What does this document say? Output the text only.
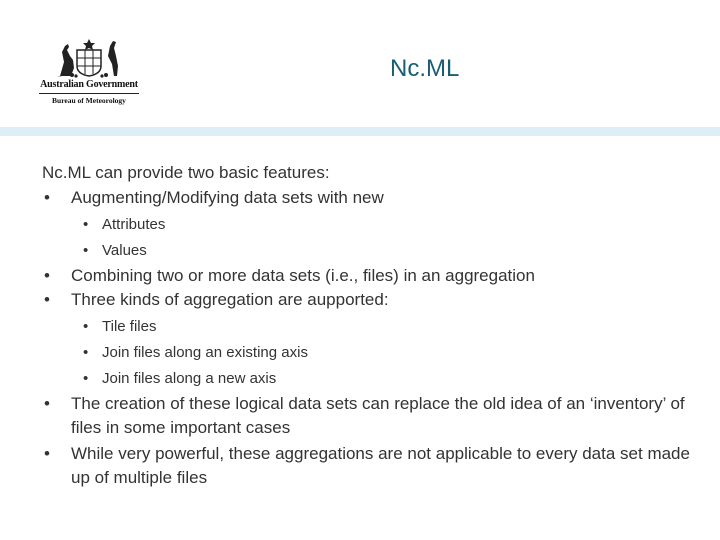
Australian Government
Bureau of Meteorology
Nc.ML
Nc.ML can provide two basic features:
• Augmenting/Modifying data sets with new
• Attributes
• Values
• Combining two or more data sets (i.e., files) in an aggregation
• Three kinds of aggregation are aupported:
• Tile files
• Join files along an existing axis
• Join files along a new axis
• The creation of these logical data sets can replace the old idea of an ‘inventory’ of files in some important cases
• While very powerful, these aggregations are not applicable to every data set made up of multiple files
